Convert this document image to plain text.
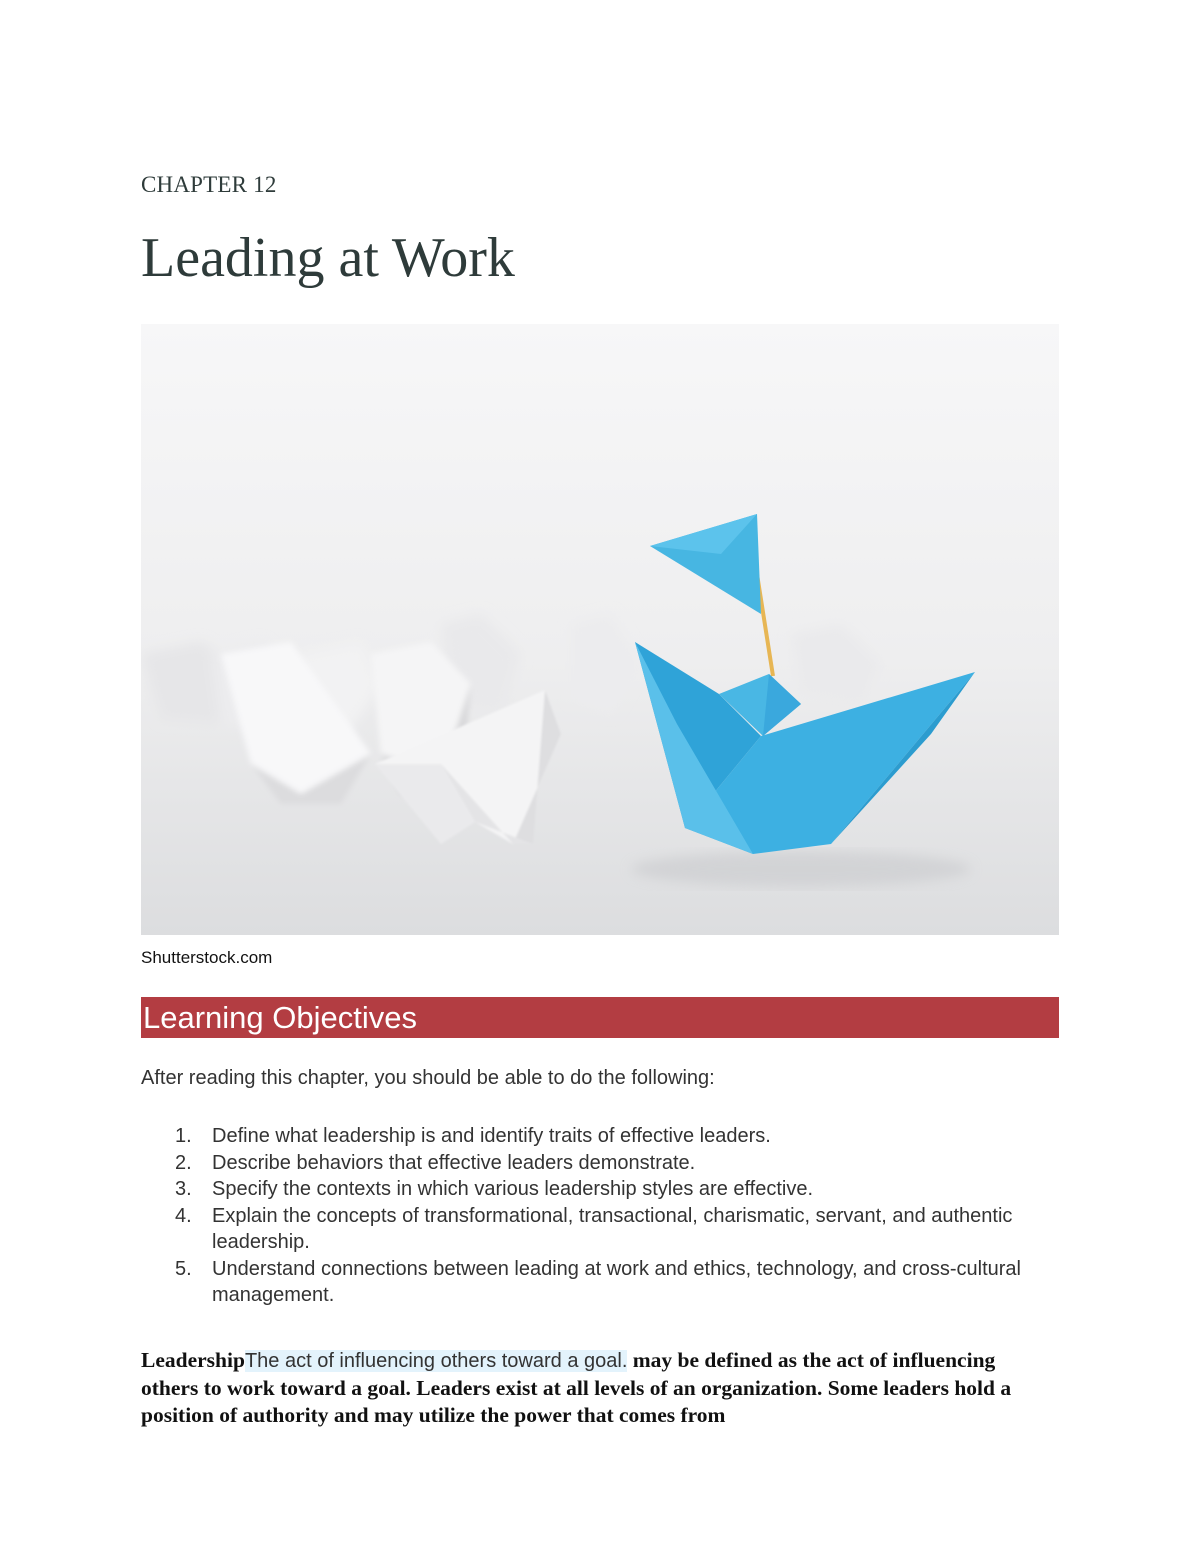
CHAPTER 12
Leading at Work
Shutterstock.com
Learning Objectives
After reading this chapter, you should be able to do the following:
1. Define what leadership is and identify traits of effective leaders.
2. Describe behaviors that effective leaders demonstrate.
3. Specify the contexts in which various leadership styles are effective.
4. Explain the concepts of transformational, transactional, charismatic, servant, and authentic leadership.
5. Understand connections between leading at work and ethics, technology, and cross-cultural management.

LeadershipThe act of influencing others toward a goal. may be defined as the act of influencing others to work toward a goal. Leaders exist at all levels of an organization. Some leaders hold a position of authority and may utilize the power that comes from
